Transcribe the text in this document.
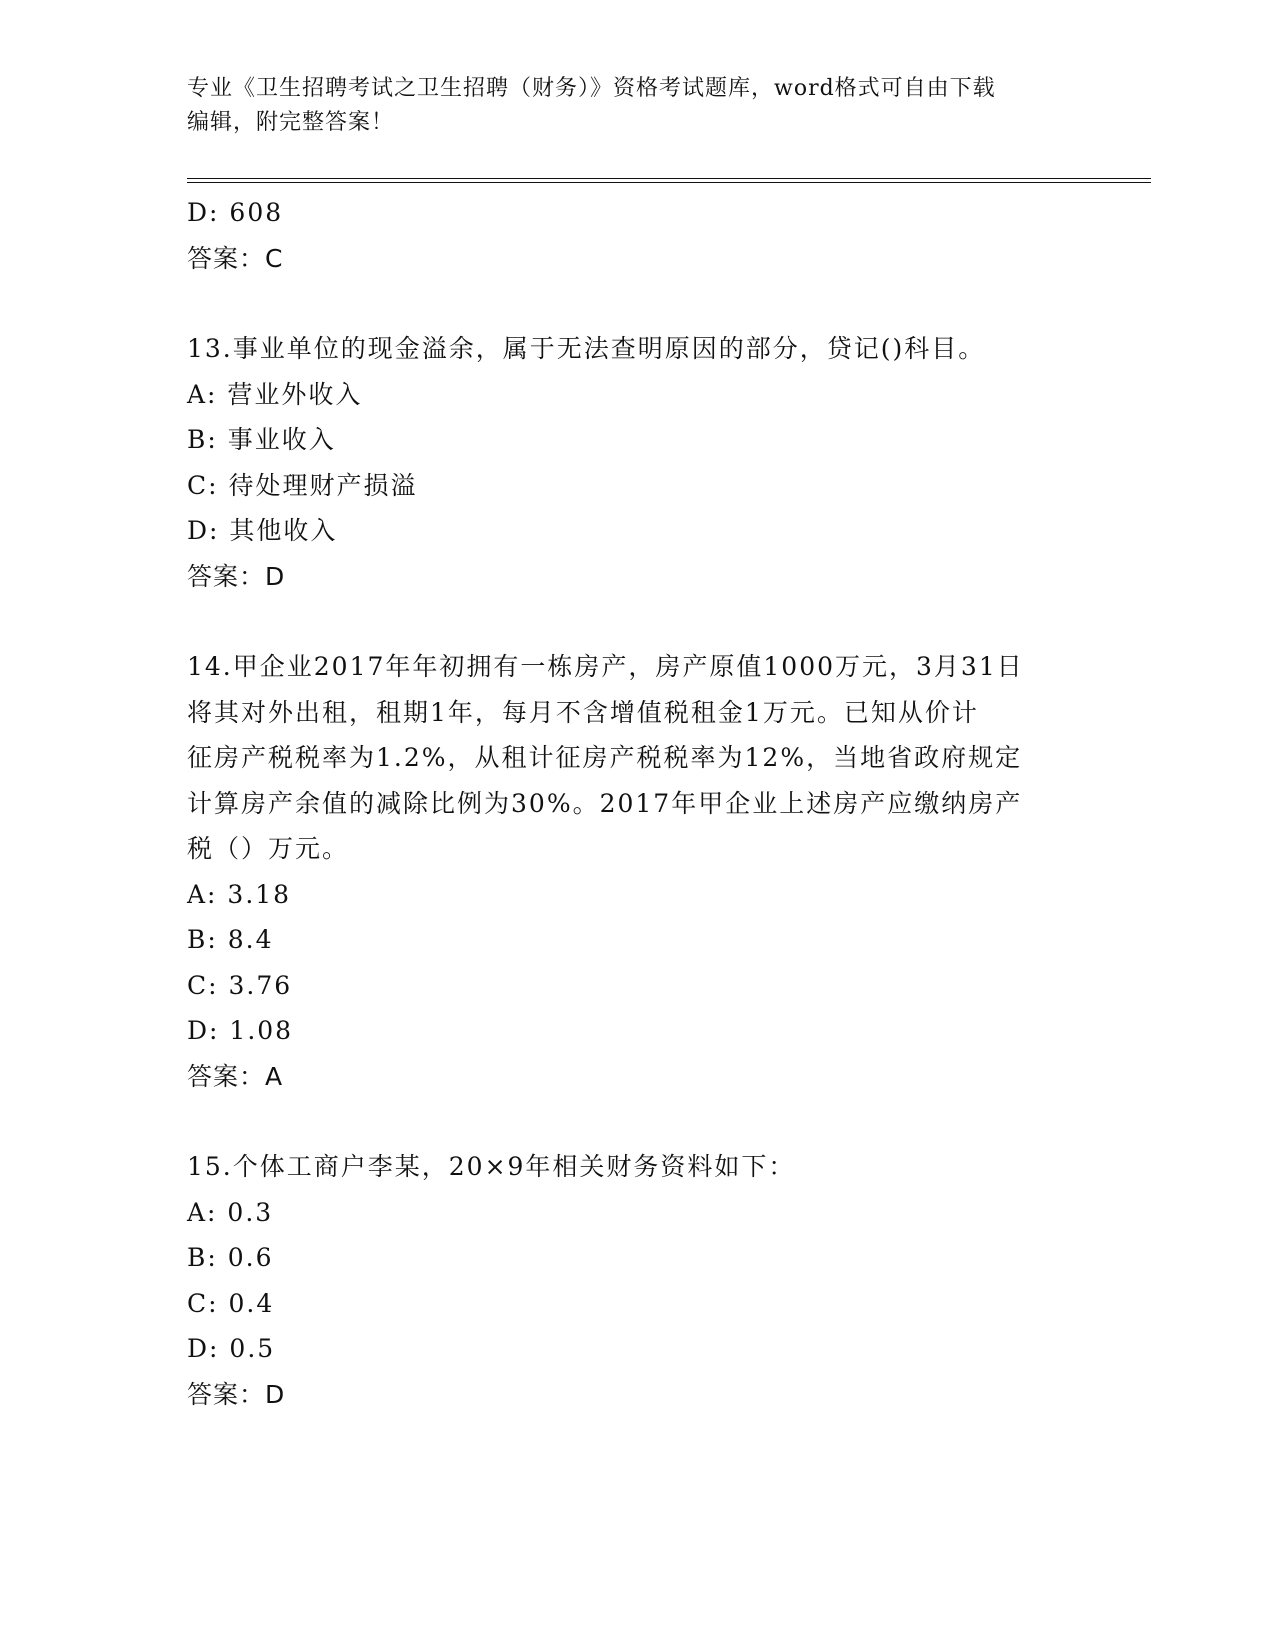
专业《卫生招聘考试之卫生招聘（财务）》资格考试题库，word格式可自由下载
编辑，附完整答案！
D: 608
答案：C
13.事业单位的现金溢余，属于无法查明原因的部分，贷记()科目。
A: 营业外收入
B: 事业收入
C: 待处理财产损溢
D: 其他收入
答案：D
14.甲企业2017年年初拥有一栋房产，房产原值1000万元，3月31日
将其对外出租，租期1年，每月不含增值税租金1万元。已知从价计
征房产税税率为1.2%，从租计征房产税税率为12%，当地省政府规定
计算房产余值的减除比例为30%。2017年甲企业上述房产应缴纳房产
税（）万元。
A: 3.18
B: 8.4
C: 3.76
D: 1.08
答案：A
15.个体工商户李某，20×9年相关财务资料如下：
A: 0.3
B: 0.6
C: 0.4
D: 0.5
答案：D
